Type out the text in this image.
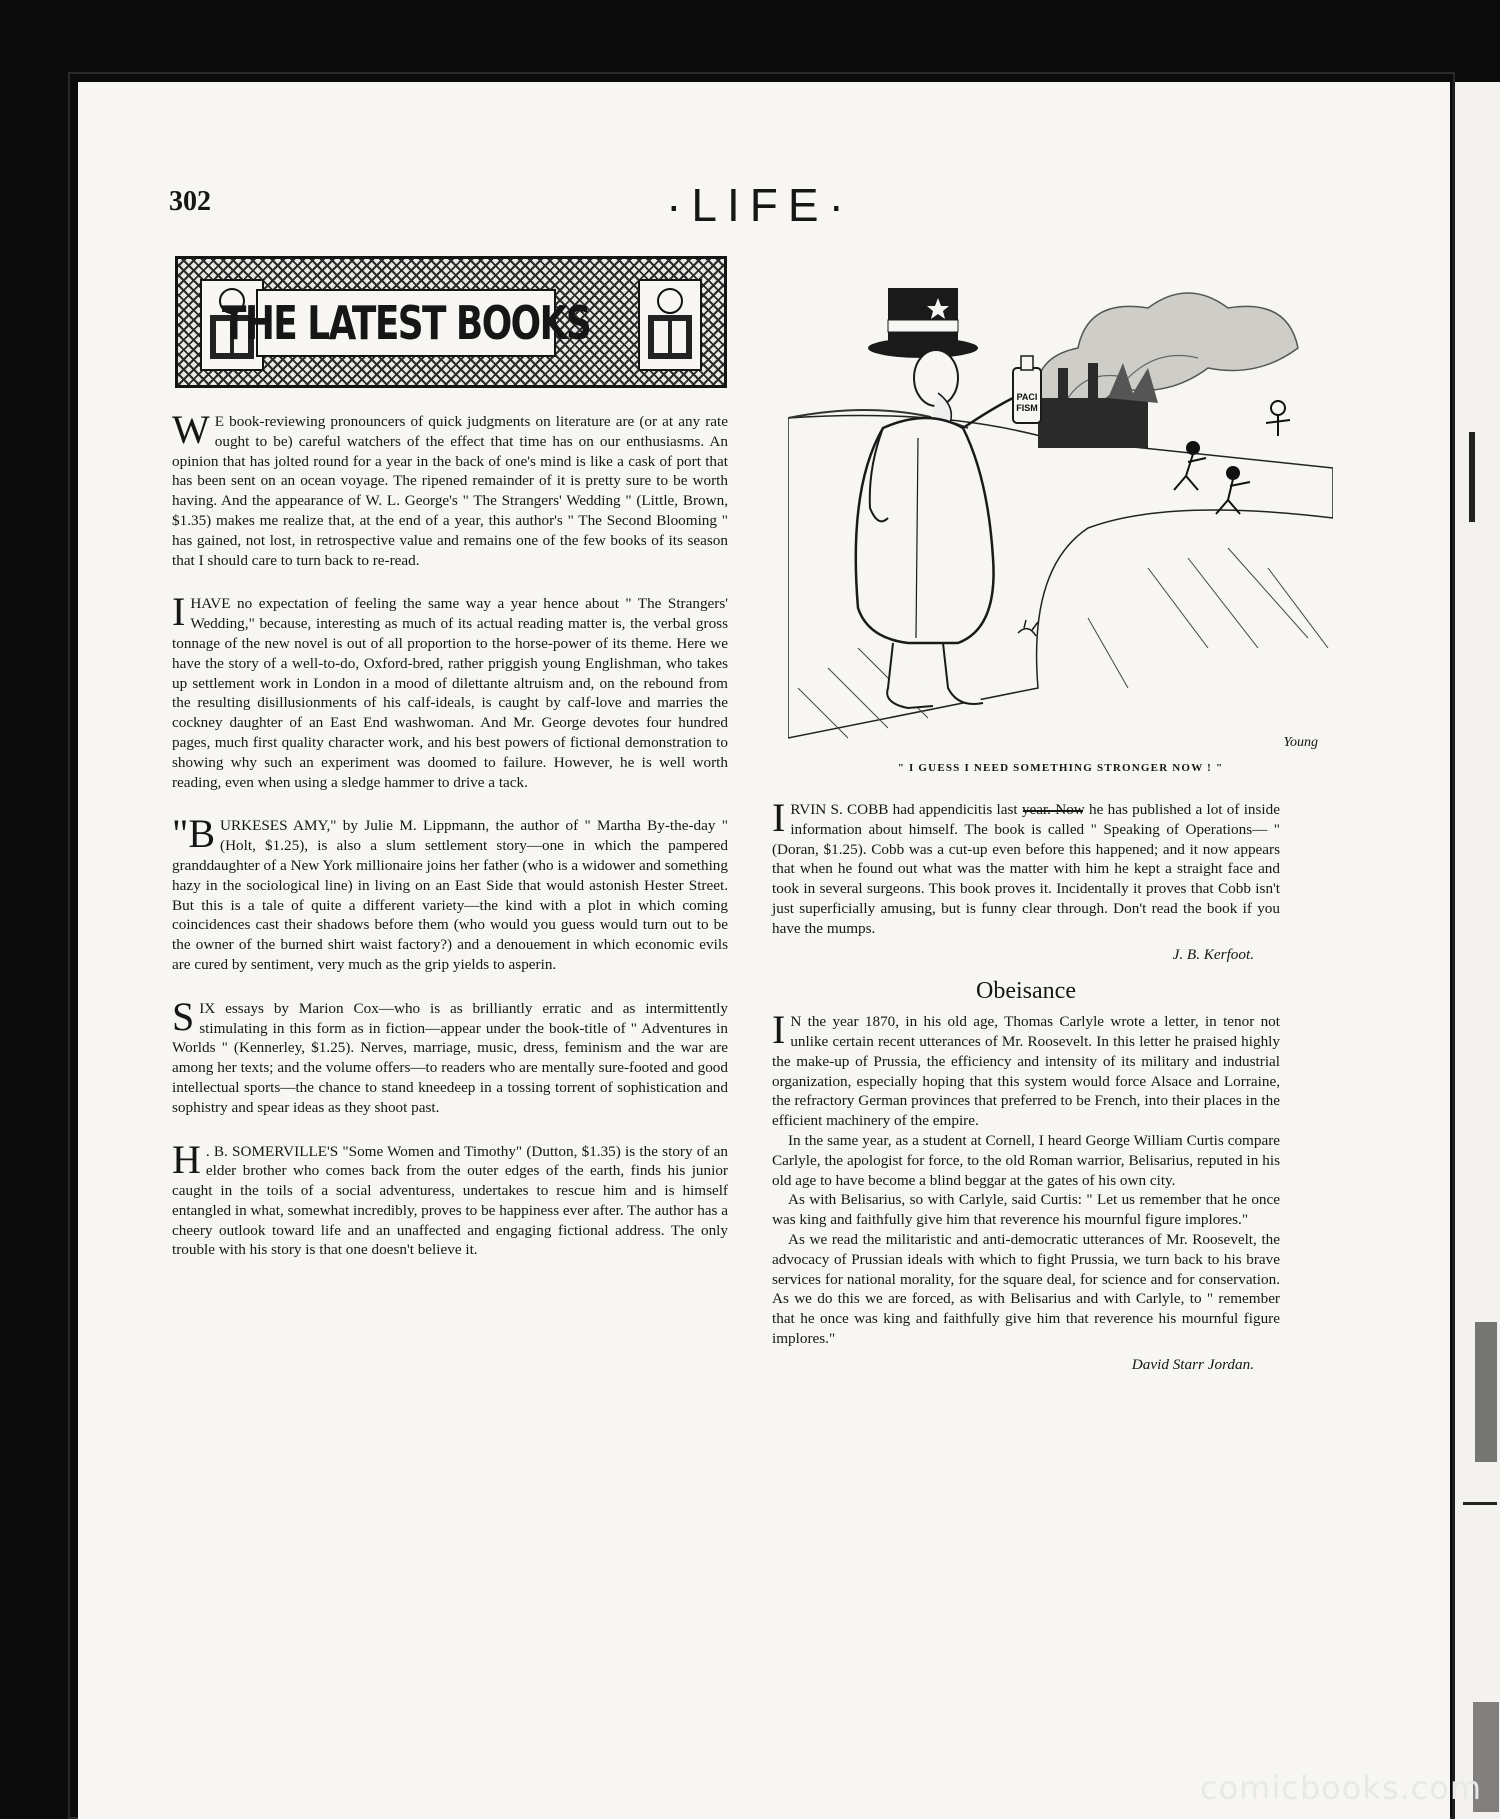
302	·LIFE·
THE LATEST BOOKS

W E book-reviewing pronouncers of quick judgments on literature are (or at any rate ought to be) careful watchers of the effect that time has on our enthusiasms. An opinion that has jolted round for a year in the back of one's mind is like a cask of port that has been sent on an ocean voyage. The ripened remainder of it is pretty sure to be worth having. And the appearance of W. L. George's " The Strangers' Wedding " (Little, Brown, $1.35) makes me realize that, at the end of a year, this author's " The Second Blooming " has gained, not lost, in retrospective value and remains one of the few books of its season that I should care to turn back to re-read.

I HAVE no expectation of feeling the same way a year hence about " The Strangers' Wedding," because, interesting as much of its actual reading matter is, the verbal gross tonnage of the new novel is out of all proportion to the horse-power of its theme. Here we have the story of a well-to-do, Oxford-bred, rather priggish young Englishman, who takes up settlement work in London in a mood of dilettante altruism and, on the rebound from the resulting disillusionments of his calf-ideals, is caught by calf-love and marries the cockney daughter of an East End washwoman. And Mr. George devotes four hundred pages, much first quality character work, and his best powers of fictional demonstration to showing why such an experiment was doomed to failure. However, he is well worth reading, even when using a sledge hammer to drive a tack.

"BURKESES AMY," by Julie M. Lippmann, the author of " Martha By-the-day " (Holt, $1.25), is also a slum settlement story—one in which the pampered granddaughter of a New York millionaire joins her father (who is a widower and something hazy in the sociological line) in living on an East Side that would astonish Hester Street. But this is a tale of quite a different variety—the kind with a plot in which coming coincidences cast their shadows before them (who would you guess would turn out to be the owner of the burned shirt waist factory?) and a denouement in which economic evils are cured by sentiment, very much as the grip yields to asperin.

SIX essays by Marion Cox—who is as brilliantly erratic and as intermittently stimulating in this form as in fiction—appear under the book-title of " Adventures in Worlds " (Kennerley, $1.25). Nerves, marriage, music, dress, feminism and the war are among her texts; and the volume offers—to readers who are mentally sure-footed and good intellectual sports—the chance to stand kneedeep in a tossing torrent of sophistication and sophistry and spear ideas as they shoot past.

H . B. SOMERVILLE'S "Some Women and Timothy" (Dutton, $1.35) is the story of an elder brother who comes back from the outer edges of the earth, finds his junior caught in the toils of a social adventuress, undertakes to rescue him and is himself entangled in what, somewhat incredibly, proves to be happiness ever after. The author has a cheery outlook toward life and an unaffected and engaging fictional address. The only trouble with his story is that one doesn't believe it.

PACI
FISM
Young
" I GUESS I NEED SOMETHING STRONGER NOW ! "

IRVIN S. COBB had appendicitis last year. Now he has published a lot of inside information about himself. The book is called " Speaking of Operations— " (Doran, $1.25). Cobb was a cut-up even before this happened; and it now appears that when he found out what was the matter with him he kept a straight face and took in several surgeons. This book proves it. Incidentally it proves that Cobb isn't just superficially amusing, but is funny clear through. Don't read the book if you have the mumps.

J. B. Kerfoot.

Obeisance

I N the year 1870, in his old age, Thomas Carlyle wrote a letter, in tenor not unlike certain recent utterances of Mr. Roosevelt. In this letter he praised highly the make-up of Prussia, the efficiency and intensity of its military and industrial organization, especially hoping that this system would force Alsace and Lorraine, the refractory German provinces that preferred to be French, into their places in the efficient machinery of the empire.

In the same year, as a student at Cornell, I heard George William Curtis compare Carlyle, the apologist for force, to the old Roman warrior, Belisarius, reputed in his old age to have become a blind beggar at the gates of his own city.

As with Belisarius, so with Carlyle, said Curtis: " Let us remember that he once was king and faithfully give him that reverence his mournful figure implores."

As we read the militaristic and anti-democratic utterances of Mr. Roosevelt, the advocacy of Prussian ideals with which to fight Prussia, we turn back to his brave services for national morality, for the square deal, for science and for conservation. As we do this we are forced, as with Belisarius and with Carlyle, to " remember that he once was king and faithfully give him that reverence his mournful figure implores."

David Starr Jordan.

comicbooks.com
